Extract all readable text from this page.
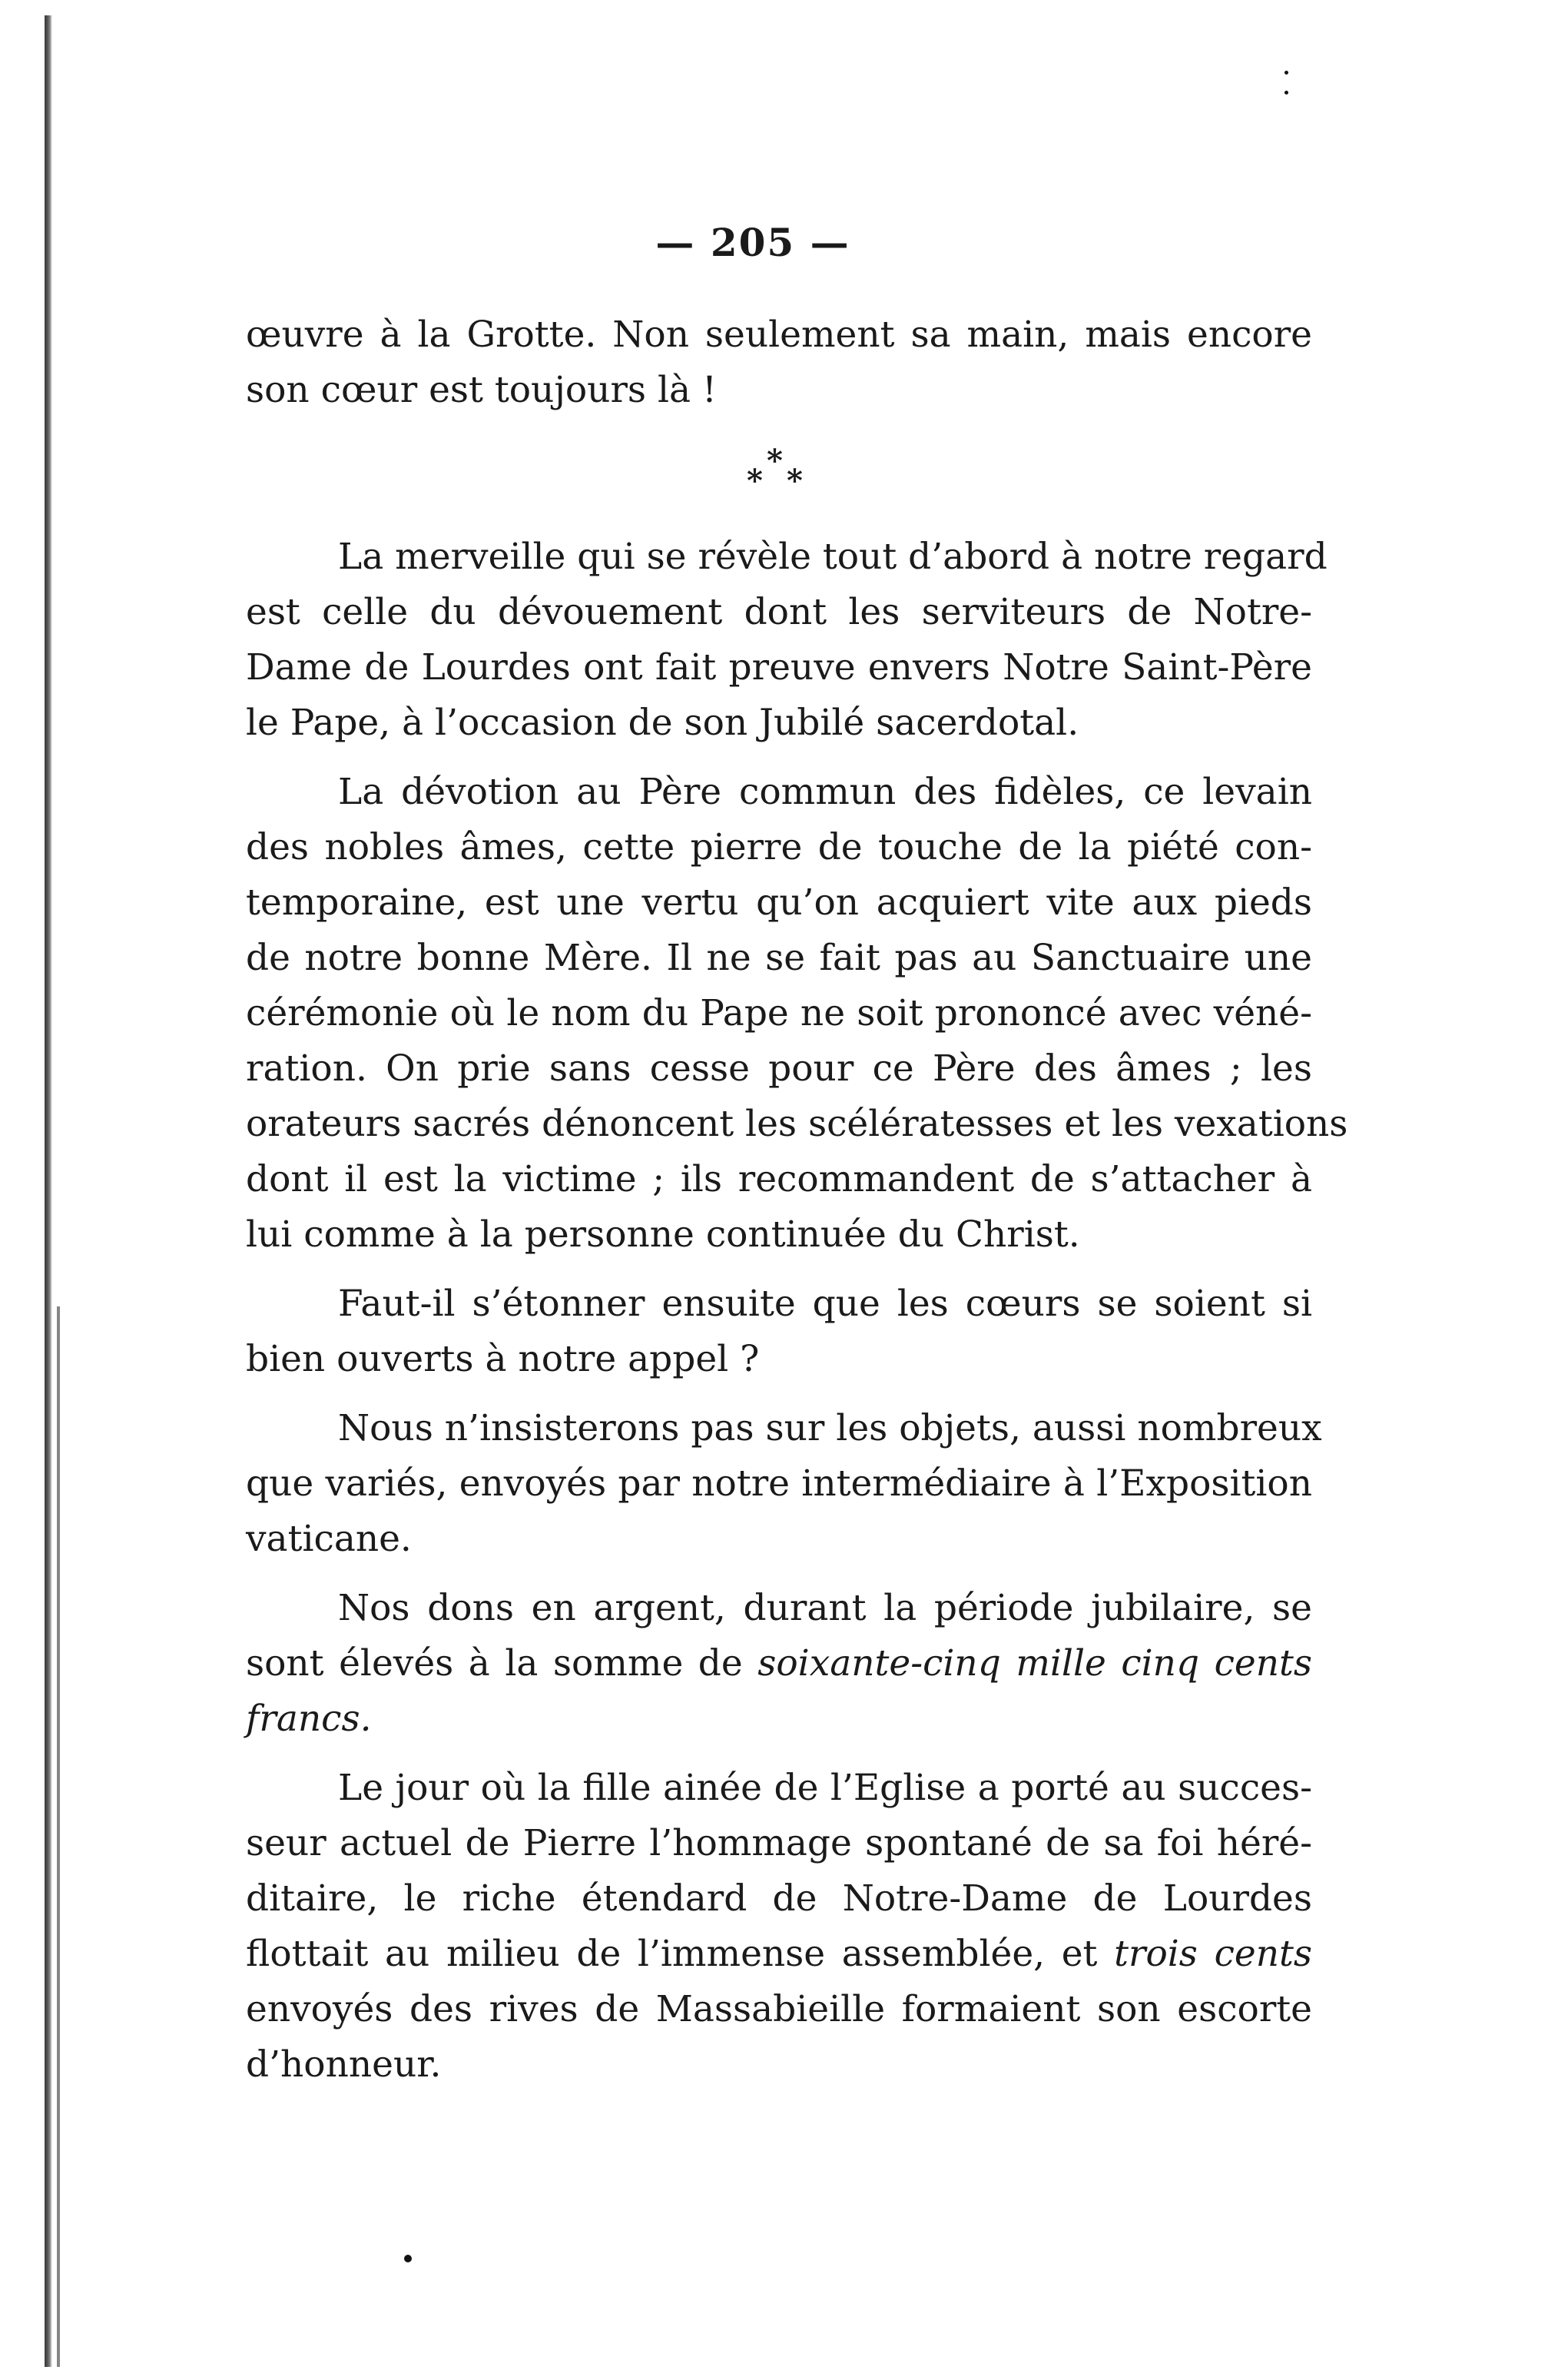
— 205 —
œuvre à la Grotte. Non seulement sa main, mais encore
son cœur est toujours là !
*
* *
La merveille qui se révèle tout d’abord à notre regard
est celle du dévouement dont les serviteurs de Notre-
Dame de Lourdes ont fait preuve envers Notre Saint-Père
le Pape, à l’occasion de son Jubilé sacerdotal.
La dévotion au Père commun des fidèles, ce levain
des nobles âmes, cette pierre de touche de la piété con-
temporaine, est une vertu qu’on acquiert vite aux pieds
de notre bonne Mère. Il ne se fait pas au Sanctuaire une
cérémonie où le nom du Pape ne soit prononcé avec véné-
ration. On prie sans cesse pour ce Père des âmes ; les
orateurs sacrés dénoncent les scélératesses et les vexations
dont il est la victime ; ils recommandent de s’attacher à
lui comme à la personne continuée du Christ.
Faut-il s’étonner ensuite que les cœurs se soient si
bien ouverts à notre appel ?
Nous n’insisterons pas sur les objets, aussi nombreux
que variés, envoyés par notre intermédiaire à l’Exposition
vaticane.
Nos dons en argent, durant la période jubilaire, se
sont élevés à la somme de soixante-cinq mille cinq cents
francs.
Le jour où la fille ainée de l’Eglise a porté au succes-
seur actuel de Pierre l’hommage spontané de sa foi héré-
ditaire, le riche étendard de Notre-Dame de Lourdes
flottait au milieu de l’immense assemblée, et trois cents
envoyés des rives de Massabieille formaient son escorte
d’honneur.
